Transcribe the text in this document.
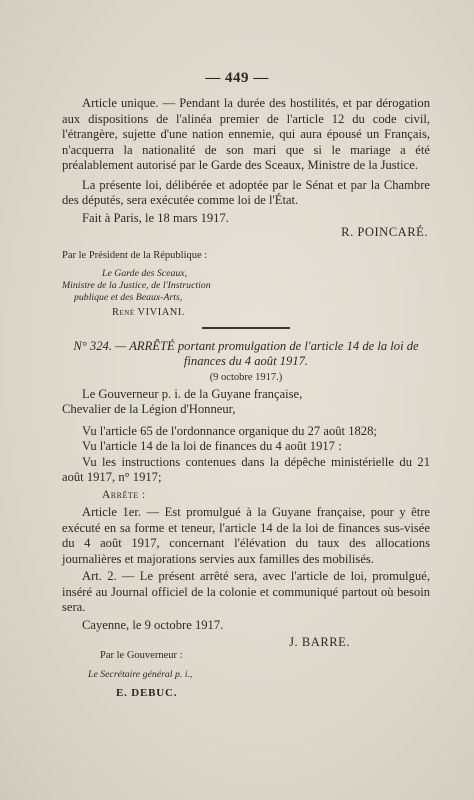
— 449 —

Article unique. — Pendant la durée des hostilités, et par dérogation aux dispositions de l'alinéa premier de l'article 12 du code civil, l'étrangère, sujette d'une nation ennemie, qui aura épousé un Français, n'acquerra la nationalité de son mari que si le mariage a été préalablement autorisé par le Garde des Sceaux, Ministre de la Justice.

La présente loi, délibérée et adoptée par le Sénat et par la Chambre des députés, sera exécutée comme loi de l'État.

Fait à Paris, le 18 mars 1917.

R. POINCARÉ.
Par le Président de la République :
Le Garde des Sceaux,
Ministre de la Justice, de l'Instruction
publique et des Beaux-Arts,
René VIVIANI.
N° 324. — ARRÊTÉ portant promulgation de l'article 14 de la loi de finances du 4 août 1917.
(9 octobre 1917.)

Le Gouverneur p. i. de la Guyane française,

Chevalier de la Légion d'Honneur,

Vu l'article 65 de l'ordonnance organique du 27 août 1828;

Vu l'article 14 de la loi de finances du 4 août 1917 :

Vu les instructions contenues dans la dépêche ministérielle du 21 août 1917, n° 1917;

Arrête :

Article 1er. — Est promulgué à la Guyane française, pour y être exécuté en sa forme et teneur, l'article 14 de la loi de finances sus-visée du 4 août 1917, concernant l'élévation du taux des allocations journalières et majorations servies aux familles des mobilisés.

Art. 2. — Le présent arrêté sera, avec l'article de loi, promulgué, inséré au Journal officiel de la colonie et communiqué partout où besoin sera.

Cayenne, le 9 octobre 1917.

J. BARRE.
Par le Gouverneur :
Le Secrétaire général p. i.,
E. DEBUC.
